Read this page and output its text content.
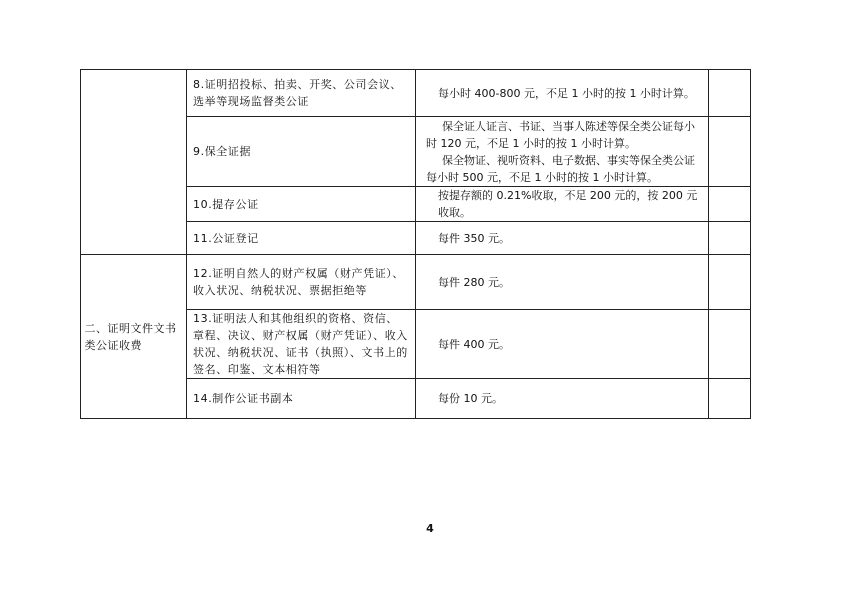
	8.证明招投标、拍卖、开奖、公司会议、选举等现场监督类公证	每小时 400-800 元，不足 1 小时的按 1 小时计算。	

	9.保全证据	保全证人证言、书证、当事人陈述等保全类公证每小时 120 元，不足 1 小时的按 1 小时计算。
保全物证、视听资料、电子数据、事实等保全类公证每小时 500 元，不足 1 小时的按 1 小时计算。	

	10.提存公证	按提存额的 0.21%收取，不足 200 元的，按 200 元收取。	

	11.公证登记	每件 350 元。	

二、证明文件文书类公证收费	12.证明自然人的财产权属（财产凭证）、收入状况、纳税状况、票据拒绝等	每件 280 元。	

	13.证明法人和其他组织的资格、资信、章程、决议、财产权属（财产凭证）、收入状况、纳税状况、证书（执照）、文书上的签名、印鉴、文本相符等	每件 400 元。	

	14.制作公证书副本	每份 10 元。	

4
